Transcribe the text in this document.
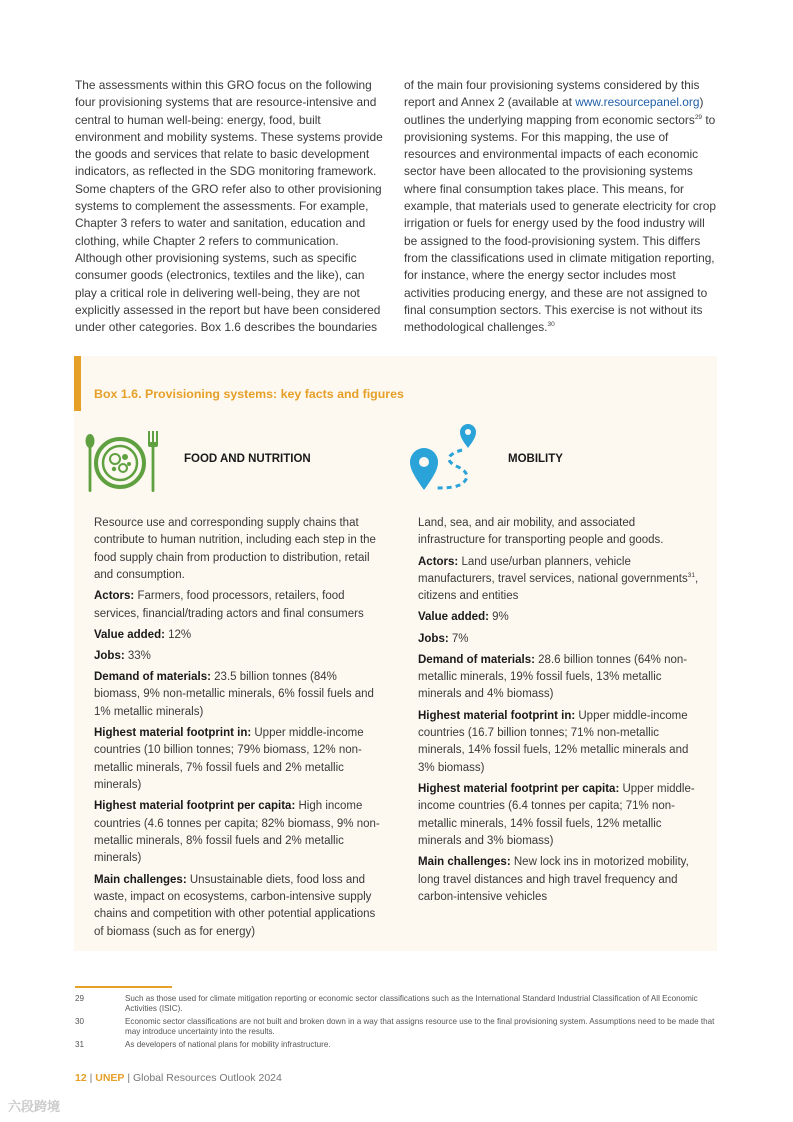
The assessments within this GRO focus on the following four provisioning systems that are resource-intensive and central to human well-being: energy, food, built environment and mobility systems. These systems provide the goods and services that relate to basic development indicators, as reflected in the SDG monitoring framework. Some chapters of the GRO refer also to other provisioning systems to complement the assessments. For example, Chapter 3 refers to water and sanitation, education and clothing, while Chapter 2 refers to communication. Although other provisioning systems, such as specific consumer goods (electronics, textiles and the like), can play a critical role in delivering well-being, they are not explicitly assessed in the report but have been considered under other categories. Box 1.6 describes the boundaries

of the main four provisioning systems considered by this report and Annex 2 (available at www.resourcepanel.org) outlines the underlying mapping from economic sectors$^{29}$ to provisioning systems. For this mapping, the use of resources and environmental impacts of each economic sector have been allocated to the provisioning systems where final consumption takes place. This means, for example, that materials used to generate electricity for crop irrigation or fuels for energy used by the food industry will be assigned to the food-provisioning system. This differs from the classifications used in climate mitigation reporting, for instance, where the energy sector includes most activities producing energy, and these are not assigned to final consumption sectors. This exercise is not without its methodological challenges.$^{30}$

Box 1.6. Provisioning systems: key facts and figures
FOOD AND NUTRITION	MOBILITY

Resource use and corresponding supply chains that contribute to human nutrition, including each step in the food supply chain from production to distribution, retail and consumption.

Actors: Farmers, food processors, retailers, food services, financial/trading actors and final consumers

Value added: 12%

Jobs: 33%

Demand of materials: 23.5 billion tonnes (84% biomass, 9% non-metallic minerals, 6% fossil fuels and 1% metallic minerals)

Highest material footprint in: Upper middle-income countries (10 billion tonnes; 79% biomass, 12% non-metallic minerals, 7% fossil fuels and 2% metallic minerals)

Highest material footprint per capita: High income countries (4.6 tonnes per capita; 82% biomass, 9% non-metallic minerals, 8% fossil fuels and 2% metallic minerals)

Main challenges: Unsustainable diets, food loss and waste, impact on ecosystems, carbon-intensive supply chains and competition with other potential applications of biomass (such as for energy)

Land, sea, and air mobility, and associated infrastructure for transporting people and goods.

Actors: Land use/urban planners, vehicle manufacturers, travel services, national governments$^{31}$, citizens and entities

Value added: 9%

Jobs: 7%

Demand of materials: 28.6 billion tonnes (64% non-metallic minerals, 19% fossil fuels, 13% metallic minerals and 4% biomass)

Highest material footprint in: Upper middle-income countries (16.7 billion tonnes; 71% non-metallic minerals, 14% fossil fuels, 12% metallic minerals and 3% biomass)

Highest material footprint per capita: Upper middle-income countries (6.4 tonnes per capita; 71% non-metallic minerals, 14% fossil fuels, 12% metallic minerals and 3% biomass)

Main challenges: New lock ins in motorized mobility, long travel distances and high travel frequency and carbon-intensive vehicles

29	Such as those used for climate mitigation reporting or economic sector classifications such as the International Standard Industrial Classification of All Economic Activities (ISIC).
30	Economic sector classifications are not built and broken down in a way that assigns resource use to the final provisioning system. Assumptions need to be made that may introduce uncertainty into the results.
31	As developers of national plans for mobility infrastructure.
12 | UNEP | Global Resources Outlook 2024
六段跨境
